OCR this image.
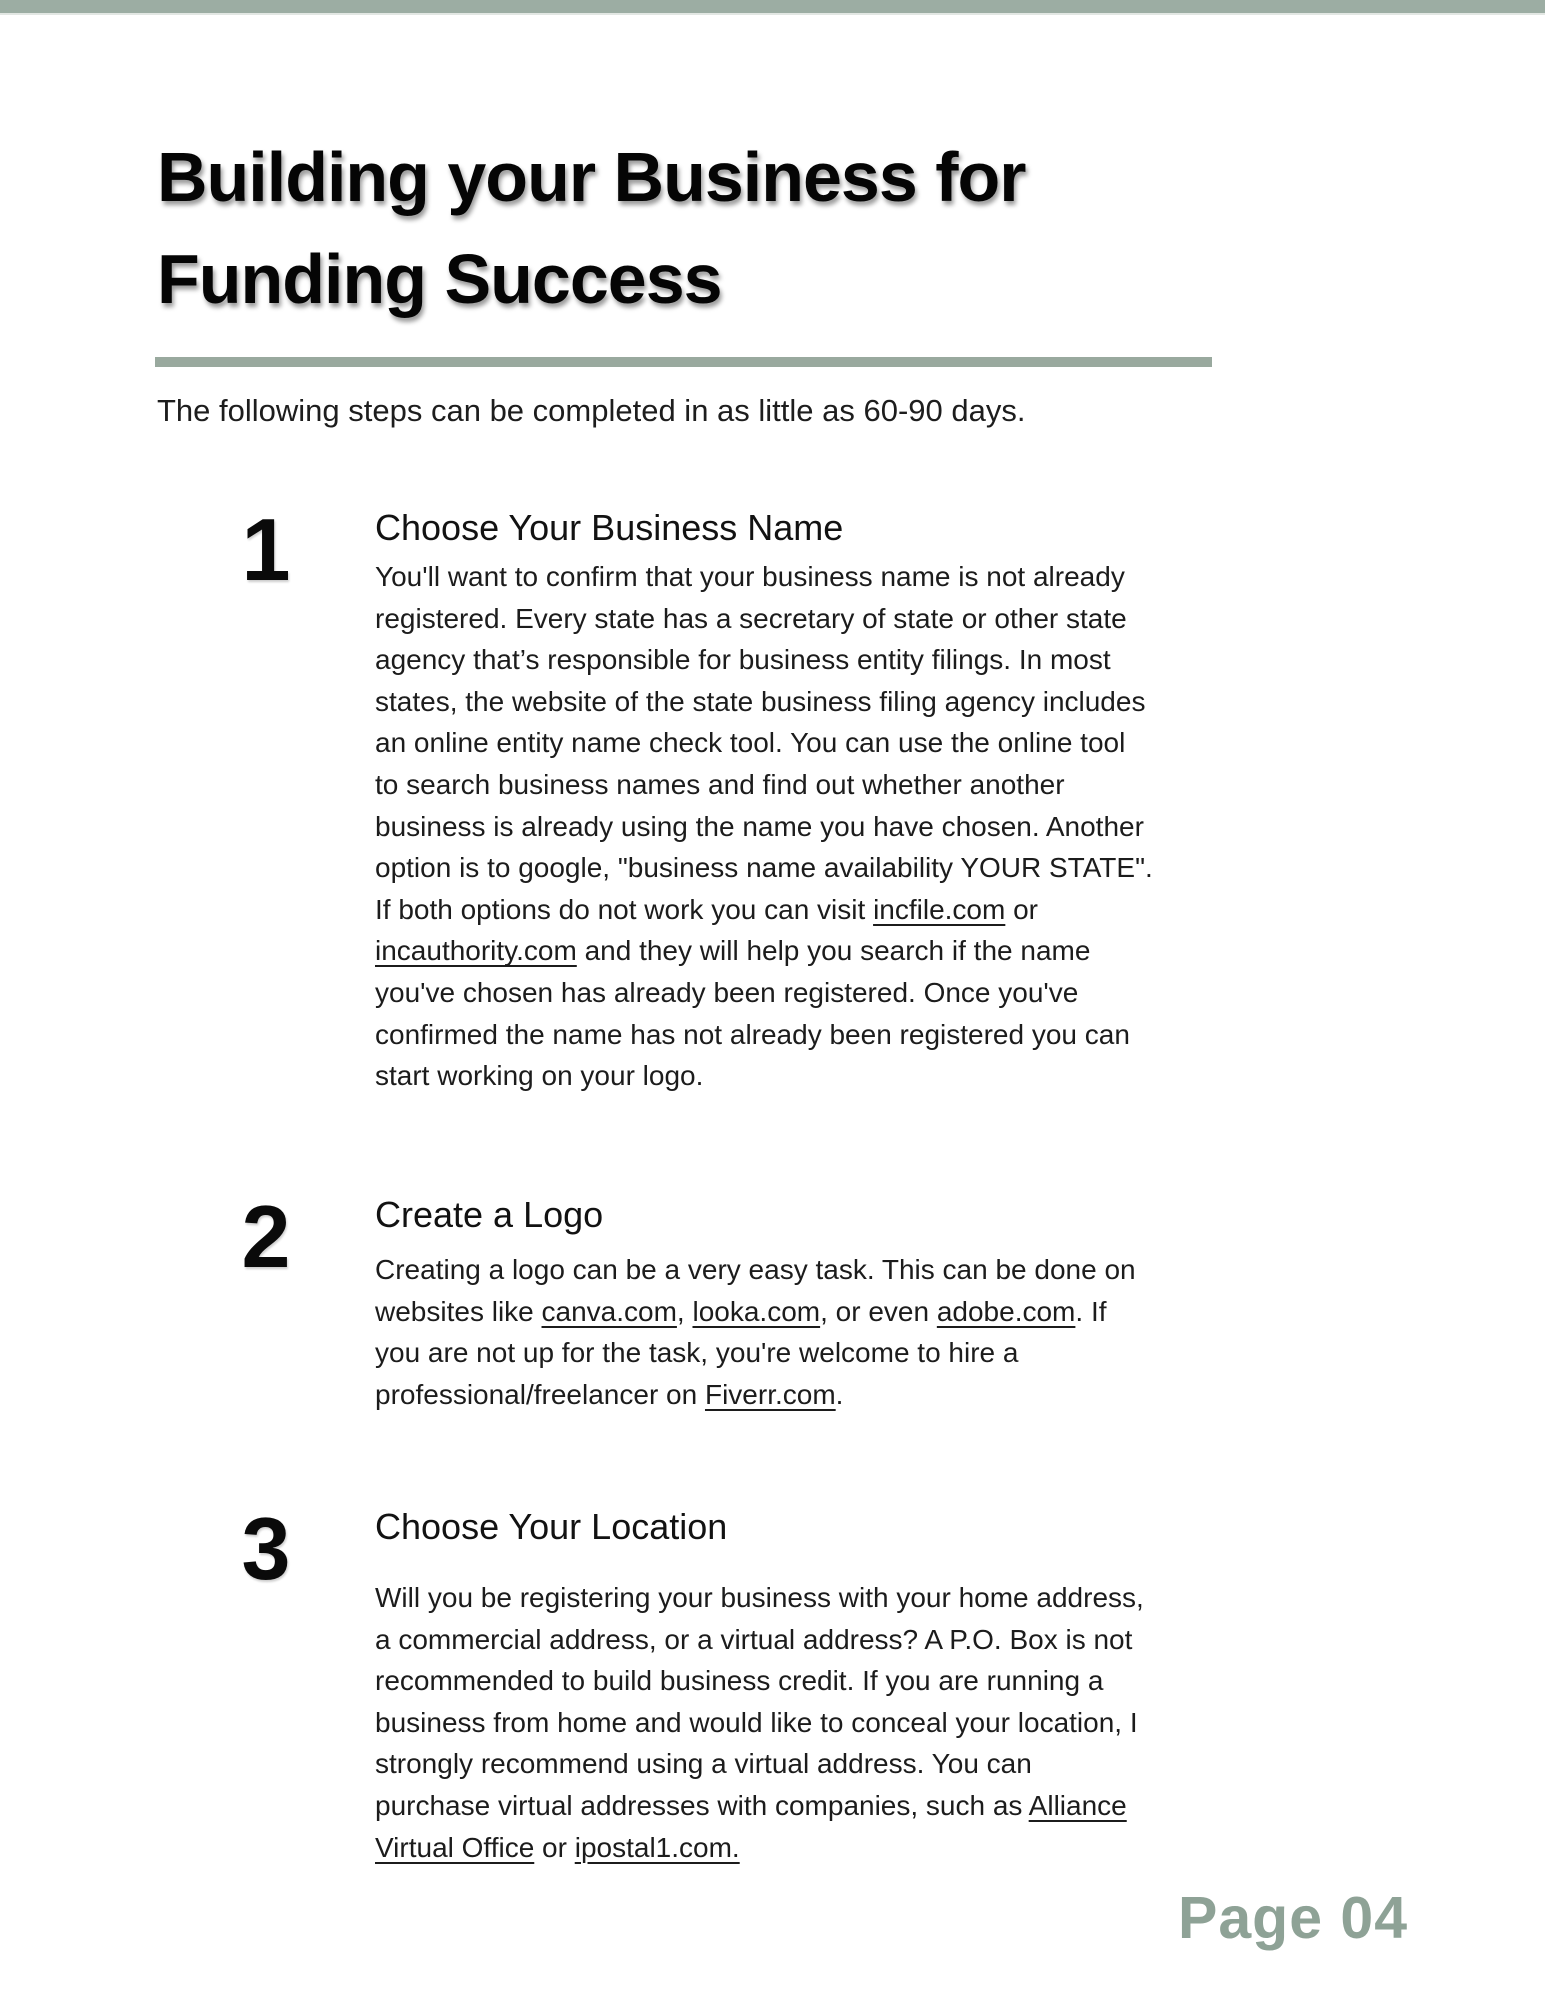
Building your Business for
Funding Success

The following steps can be completed in as little as 60-90 days.

1 Choose Your Business Name

You'll want to confirm that your business name is not already registered. Every state has a secretary of state or other state agency that’s responsible for business entity filings. In most states, the website of the state business filing agency includes an online entity name check tool. You can use the online tool to search business names and find out whether another business is already using the name you have chosen. Another option is to google, "business name availability YOUR STATE". If both options do not work you can visit incfile.com or incauthority.com and they will help you search if the name you've chosen has already been registered. Once you've confirmed the name has not already been registered you can start working on your logo.

2 Create a Logo

Creating a logo can be a very easy task. This can be done on websites like canva.com, looka.com, or even adobe.com. If you are not up for the task, you're welcome to hire a professional/freelancer on Fiverr.com.

3 Choose Your Location

Will you be registering your business with your home address, a commercial address, or a virtual address? A P.O. Box is not recommended to build business credit. If you are running a business from home and would like to conceal your location, I strongly recommend using a virtual address. You can purchase virtual addresses with companies, such as Alliance Virtual Office or ipostal1.com.

Page 04
